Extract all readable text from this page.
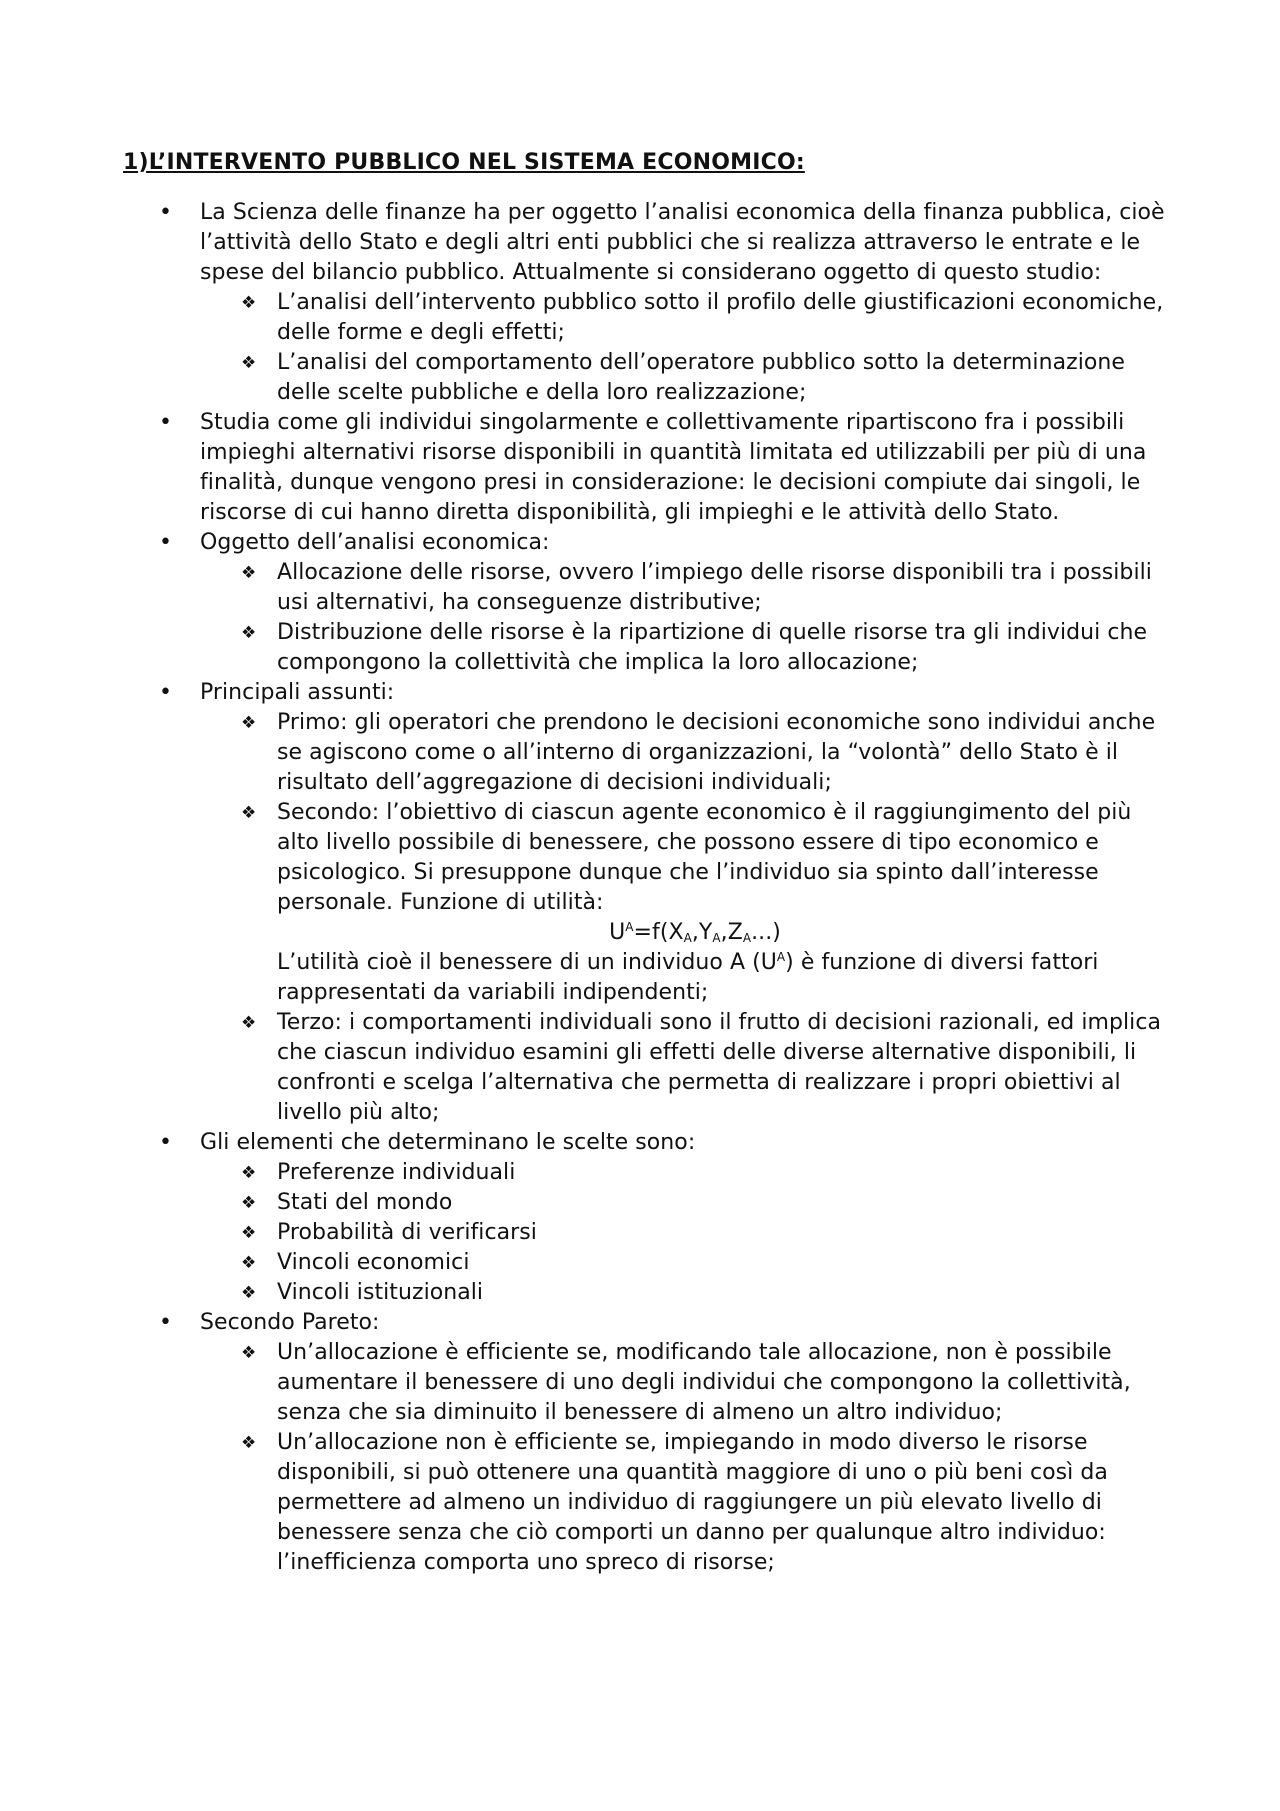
1)L’INTERVENTO PUBBLICO NEL SISTEMA ECONOMICO:
• La Scienza delle finanze ha per oggetto l’analisi economica della finanza pubblica, cioè l’attività dello Stato e degli altri enti pubblici che si realizza attraverso le entrate e le spese del bilancio pubblico. Attualmente si considerano oggetto di questo studio:
❖ L’analisi dell’intervento pubblico sotto il profilo delle giustificazioni economiche, delle forme e degli effetti;
❖ L’analisi del comportamento dell’operatore pubblico sotto la determinazione delle scelte pubbliche e della loro realizzazione;
• Studia come gli individui singolarmente e collettivamente ripartiscono fra i possibili impieghi alternativi risorse disponibili in quantità limitata ed utilizzabili per più di una finalità, dunque vengono presi in considerazione: le decisioni compiute dai singoli, le riscorse di cui hanno diretta disponibilità, gli impieghi e le attività dello Stato.
• Oggetto dell’analisi economica:
❖ Allocazione delle risorse, ovvero l’impiego delle risorse disponibili tra i possibili usi alternativi, ha conseguenze distributive;
❖ Distribuzione delle risorse è la ripartizione di quelle risorse tra gli individui che compongono la collettività che implica la loro allocazione;
• Principali assunti:
❖ Primo: gli operatori che prendono le decisioni economiche sono individui anche se agiscono come o all’interno di organizzazioni, la “volontà” dello Stato è il risultato dell’aggregazione di decisioni individuali;
❖ Secondo: l’obiettivo di ciascun agente economico è il raggiungimento del più alto livello possibile di benessere, che possono essere di tipo economico e psicologico. Si presuppone dunque che l’individuo sia spinto dall’interesse personale. Funzione di utilità:
$U^A=f(X_A,Y_A,Z_A...)$
L’utilità cioè il benessere di un individuo A $(U^A)$ è funzione di diversi fattori rappresentati da variabili indipendenti;
❖ Terzo: i comportamenti individuali sono il frutto di decisioni razionali, ed implica che ciascun individuo esamini gli effetti delle diverse alternative disponibili, li confronti e scelga l’alternativa che permetta di realizzare i propri obiettivi al livello più alto;
• Gli elementi che determinano le scelte sono:
❖ Preferenze individuali
❖ Stati del mondo
❖ Probabilità di verificarsi
❖ Vincoli economici
❖ Vincoli istituzionali
• Secondo Pareto:
❖ Un’allocazione è efficiente se, modificando tale allocazione, non è possibile aumentare il benessere di uno degli individui che compongono la collettività, senza che sia diminuito il benessere di almeno un altro individuo;
❖ Un’allocazione non è efficiente se, impiegando in modo diverso le risorse disponibili, si può ottenere una quantità maggiore di uno o più beni così da permettere ad almeno un individuo di raggiungere un più elevato livello di benessere senza che ciò comporti un danno per qualunque altro individuo: l’inefficienza comporta uno spreco di risorse;
